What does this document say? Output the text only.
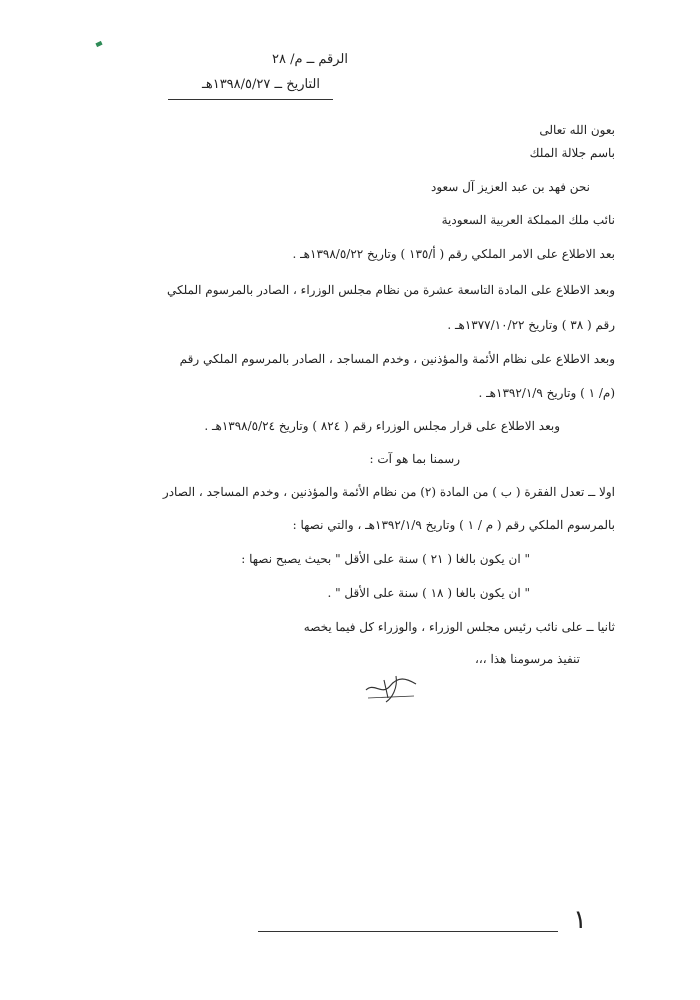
الرقم ــ م/ ٢٨
التاريخ ــ ١٣٩٨/٥/٢٧هـ
بعون الله تعالى
باسم جلالة الملك
نحن فهد بن عبد العزيز آل سعود
نائب ملك المملكة العربية السعودية
بعد الاطلاع على الامر الملكي رقم ( أ/١٣٥ ) وتاريخ ١٣٩٨/٥/٢٢هـ .
وبعد الاطلاع على المادة التاسعة عشرة من نظام مجلس الوزراء ، الصادر بالمرسوم الملكي
رقم ( ٣٨ ) وتاريخ ١٣٧٧/١٠/٢٢هـ .
وبعد الاطلاع على نظام الأئمة والمؤذنين ، وخدم المساجد ، الصادر بالمرسوم الملكي رقم
(م/ ١ ) وتاريخ ١٣٩٢/١/٩هـ .
وبعد الاطلاع على قرار مجلس الوزراء رقم ( ٨٢٤ ) وتاريخ ١٣٩٨/٥/٢٤هـ .
رسمنا بما هو آت :
اولا ــ تعدل الفقرة ( ب ) من المادة (٢) من نظام الأئمة والمؤذنين ، وخدم المساجد ، الصادر
بالمرسوم الملكي رقم ( م / ١ ) وتاريخ ١٣٩٢/١/٩هـ ، والتي نصها :
" ان يكون بالغا ( ٢١ ) سنة على الأقل " بحيث يصبح نصها :
" ان يكون بالغا ( ١٨ ) سنة على الأقل " .
ثانيا ــ على نائب رئيس مجلس الوزراء ، والوزراء كل فيما يخصه
تنفيذ مرسومنا هذا ،،،
١
